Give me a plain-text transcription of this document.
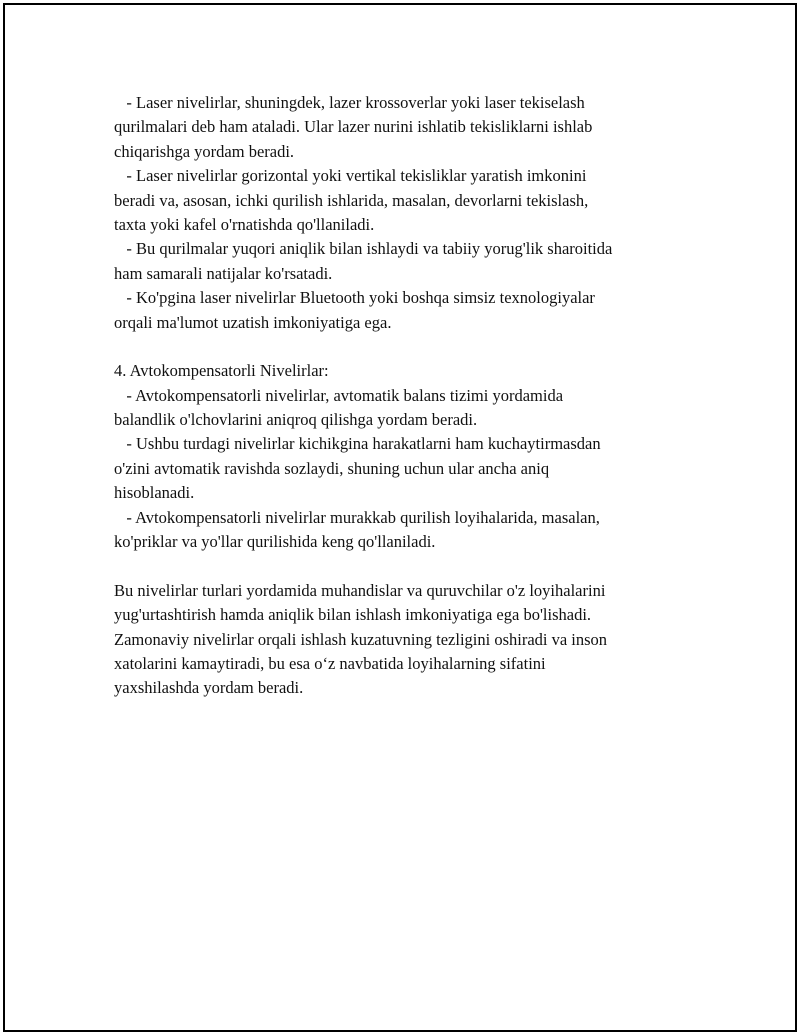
- Laser nivelirlar, shuningdek, lazer krossoverlar yoki laser tekiselash
qurilmalari deb ham ataladi. Ular lazer nurini ishlatib tekisliklarni ishlab
chiqarishga yordam beradi.
- Laser nivelirlar gorizontal yoki vertikal tekisliklar yaratish imkonini
beradi va, asosan, ichki qurilish ishlarida, masalan, devorlarni tekislash,
taxta yoki kafel o'rnatishda qo'llaniladi.
- Bu qurilmalar yuqori aniqlik bilan ishlaydi va tabiiy yorug'lik sharoitida
ham samarali natijalar ko'rsatadi.
- Ko'pgina laser nivelirlar Bluetooth yoki boshqa simsiz texnologiyalar
orqali ma'lumot uzatish imkoniyatiga ega.
4. Avtokompensatorli Nivelirlar:
- Avtokompensatorli nivelirlar, avtomatik balans tizimi yordamida
balandlik o'lchovlarini aniqroq qilishga yordam beradi.
- Ushbu turdagi nivelirlar kichikgina harakatlarni ham kuchaytirmasdan
o'zini avtomatik ravishda sozlaydi, shuning uchun ular ancha aniq
hisoblanadi.
- Avtokompensatorli nivelirlar murakkab qurilish loyihalarida, masalan,
ko'priklar va yo'llar qurilishida keng qo'llaniladi.
Bu nivelirlar turlari yordamida muhandislar va quruvchilar o'z loyihalarini
yug'urtashtirish hamda aniqlik bilan ishlash imkoniyatiga ega bo'lishadi.
Zamonaviy nivelirlar orqali ishlash kuzatuvning tezligini oshiradi va inson
xatolarini kamaytiradi, bu esa o‘z navbatida loyihalarning sifatini
yaxshilashda yordam beradi.
